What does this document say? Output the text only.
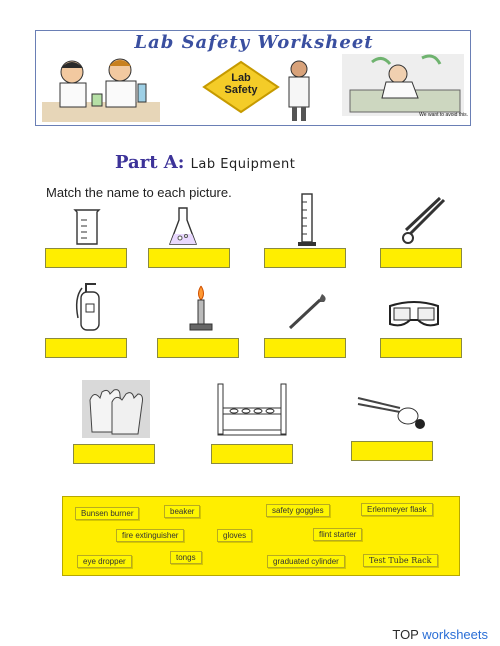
Lab Safety Worksheet
Lab
Safety
We want to avoid this.
Part A: Lab Equipment
Match the name to each picture.
Bunsen burner	beaker	safety goggles	Erlenmeyer flask
fire extinguisher	gloves	flint starter
eye dropper	tongs	graduated cylinder	Test Tube Rack
TOP worksheets
